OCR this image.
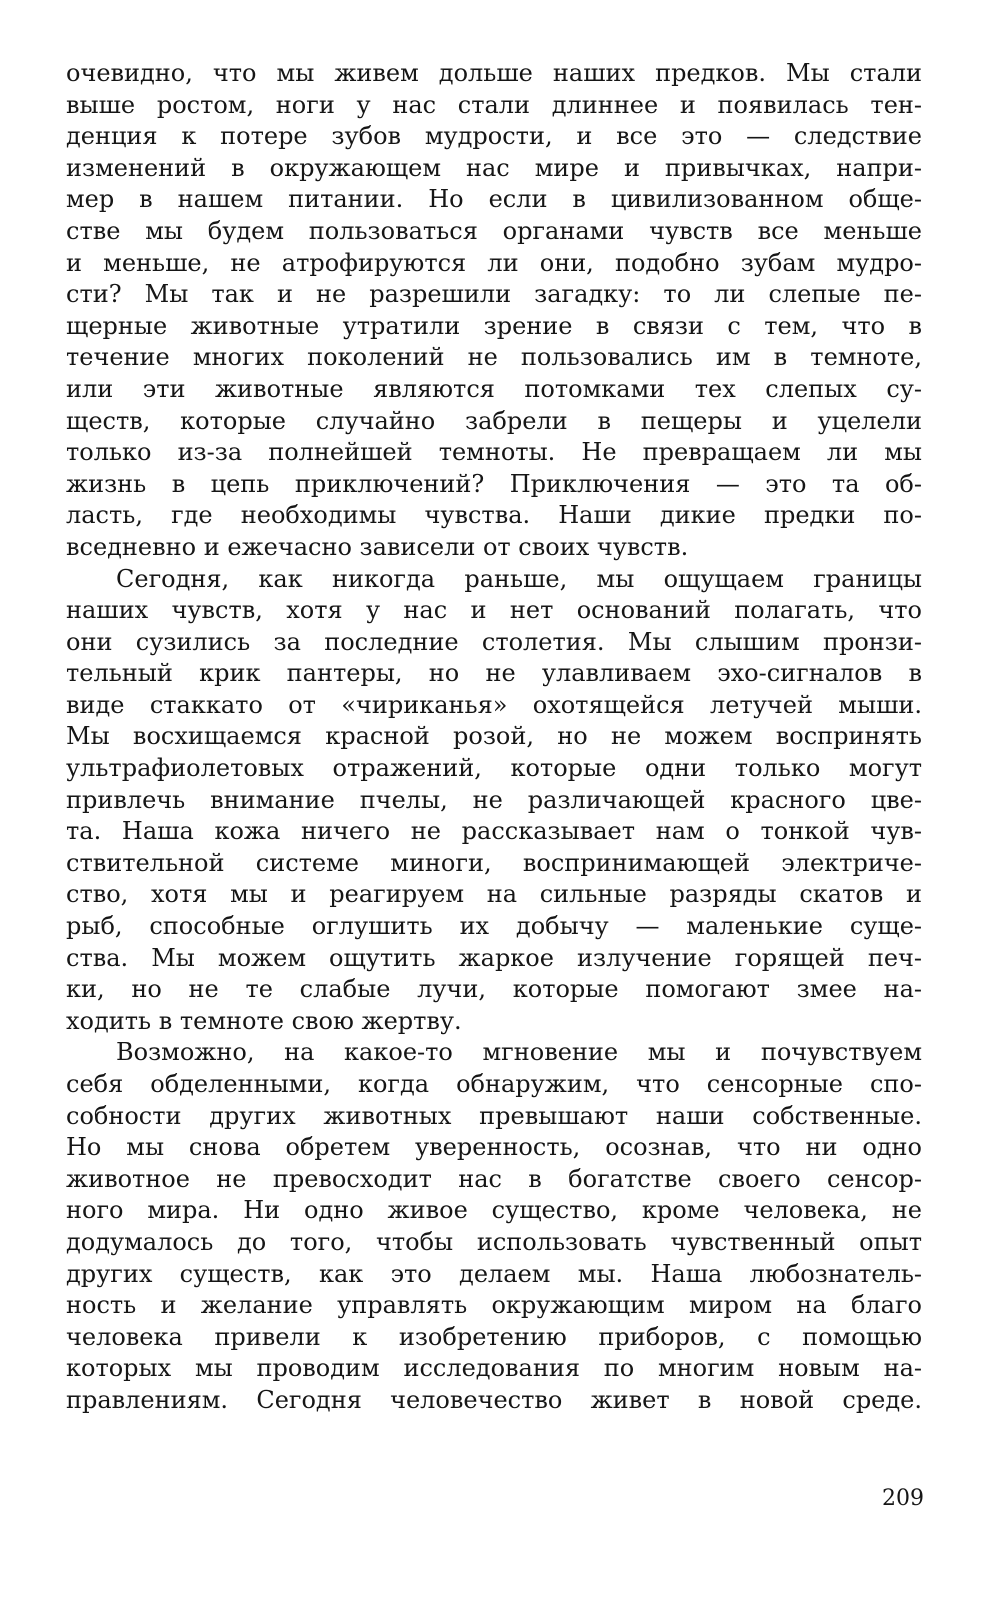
очевидно, что мы живем дольше наших предков. Мы стали
выше ростом, ноги у нас стали длиннее и появилась тен-
денция к потере зубов мудрости, и все это — следствие
изменений в окружающем нас мире и привычках, напри-
мер в нашем питании. Но если в цивилизованном обще-
стве мы будем пользоваться органами чувств все меньше
и меньше, не атрофируются ли они, подобно зубам мудро-
сти? Мы так и не разрешили загадку: то ли слепые пе-
щерные животные утратили зрение в связи с тем, что в
течение многих поколений не пользовались им в темноте,
или эти животные являются потомками тех слепых су-
ществ, которые случайно забрели в пещеры и уцелели
только из-за полнейшей темноты. Не превращаем ли мы
жизнь в цепь приключений? Приключения — это та об-
ласть, где необходимы чувства. Наши дикие предки по-
вседневно и ежечасно зависели от своих чувств.
Сегодня, как никогда раньше, мы ощущаем границы
наших чувств, хотя у нас и нет оснований полагать, что
они сузились за последние столетия. Мы слышим пронзи-
тельный крик пантеры, но не улавливаем эхо-сигналов в
виде стаккато от «чириканья» охотящейся летучей мыши.
Мы восхищаемся красной розой, но не можем воспринять
ультрафиолетовых отражений, которые одни только могут
привлечь внимание пчелы, не различающей красного цве-
та. Наша кожа ничего не рассказывает нам о тонкой чув-
ствительной системе миноги, воспринимающей электриче-
ство, хотя мы и реагируем на сильные разряды скатов и
рыб, способные оглушить их добычу — маленькие суще-
ства. Мы можем ощутить жаркое излучение горящей печ-
ки, но не те слабые лучи, которые помогают змее на-
ходить в темноте свою жертву.
Возможно, на какое-то мгновение мы и почувствуем
себя обделенными, когда обнаружим, что сенсорные спо-
собности других животных превышают наши собственные.
Но мы снова обретем уверенность, осознав, что ни одно
животное не превосходит нас в богатстве своего сенсор-
ного мира. Ни одно живое существо, кроме человека, не
додумалось до того, чтобы использовать чувственный опыт
других существ, как это делаем мы. Наша любознатель-
ность и желание управлять окружающим миром на благо
человека привели к изобретению приборов, с помощью
которых мы проводим исследования по многим новым на-
правлениям. Сегодня человечество живет в новой среде.
209
